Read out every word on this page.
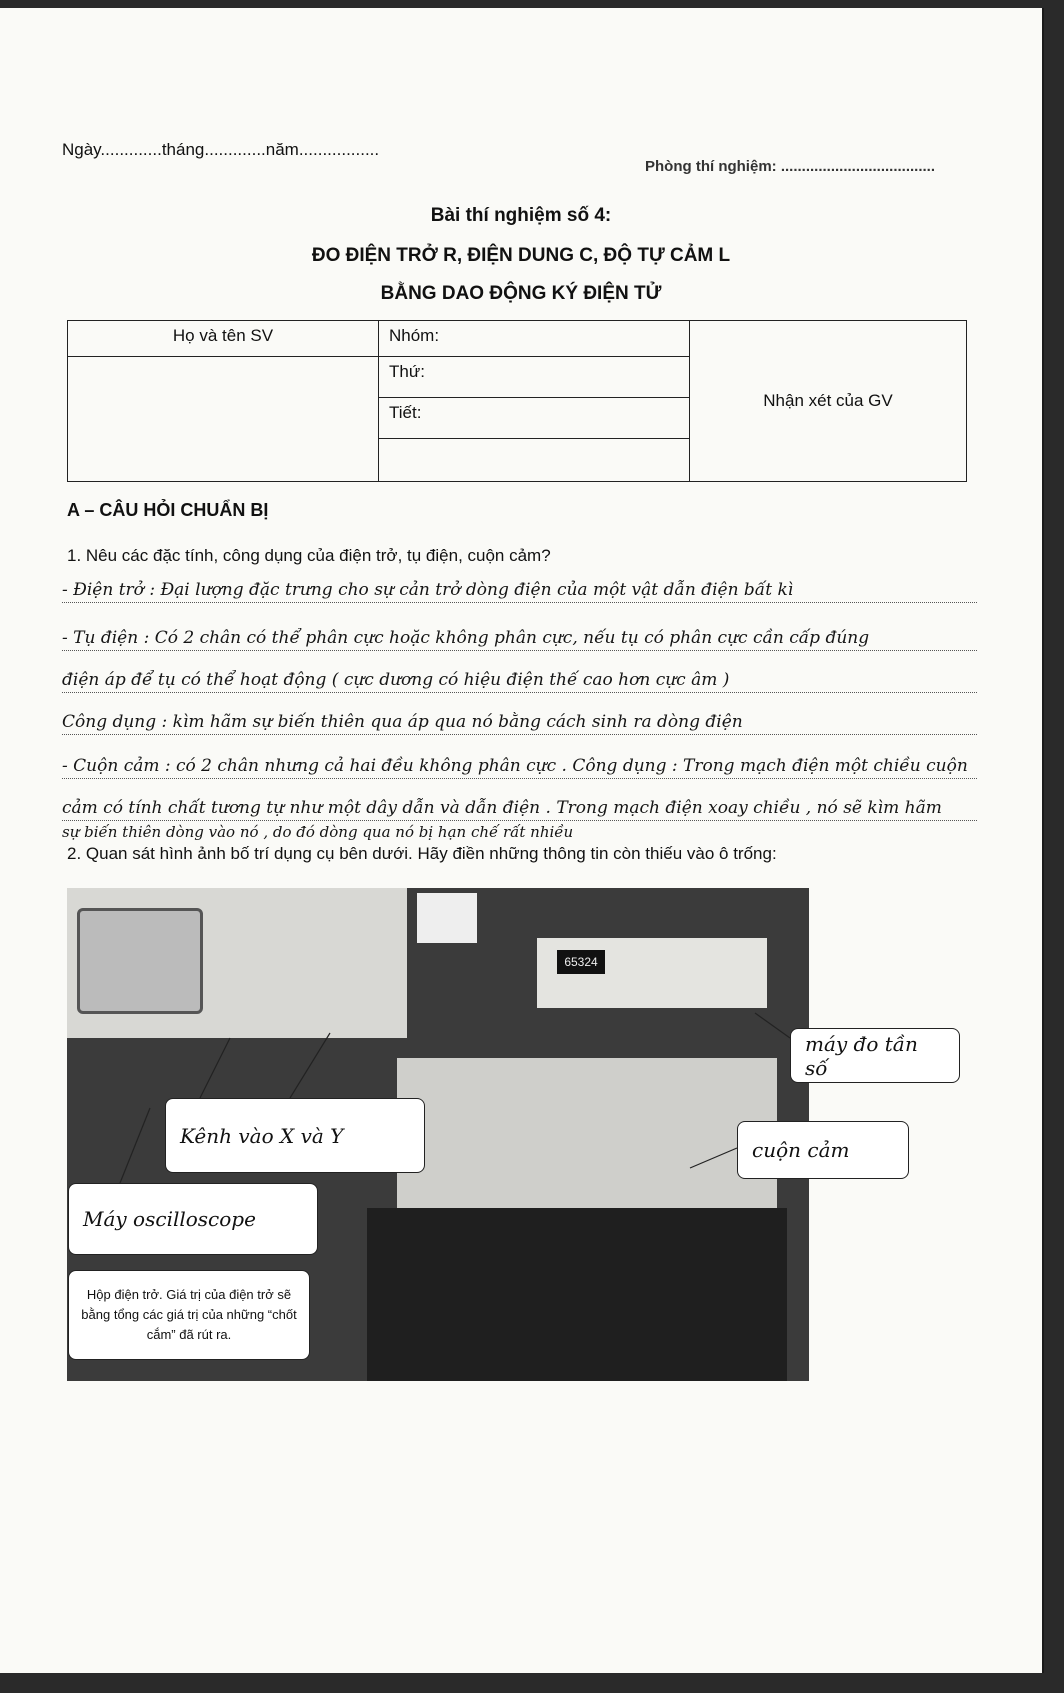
Ngày.............tháng.............năm.................
Phòng thí nghiệm: .....................................
Bài thí nghiệm số 4:
ĐO ĐIỆN TRỞ R, ĐIỆN DUNG C, ĐỘ TỰ CẢM L
BẰNG DAO ĐỘNG KÝ ĐIỆN TỬ
Họ và tên SV	Nhóm:	Nhận xét của GV
	Thứ:	
	Tiết:	

A – CÂU HỎI CHUẨN BỊ
1. Nêu các đặc tính, công dụng của điện trở, tụ điện, cuộn cảm?
- Điện trở : Đại lượng đặc trưng cho sự cản trở dòng điện của một vật dẫn điện bất kì
- Tụ điện : Có 2 chân có thể phân cực hoặc không phân cực, nếu tụ có phân cực cần cấp đúng
điện áp để tụ có thể hoạt động ( cực dương có hiệu điện thế cao hơn cực âm )
Công dụng : kìm hãm sự biến thiên qua áp qua nó bằng cách sinh ra dòng điện
- Cuộn cảm : có 2 chân nhưng cả hai đều không phân cực . Công dụng : Trong mạch điện một chiều cuộn
cảm có tính chất tương tự như một dây dẫn và dẫn điện . Trong mạch điện xoay chiều , nó sẽ kìm hãm
sự biến thiên dòng vào nó , do đó dòng qua nó bị hạn chế rất nhiều
2. Quan sát hình ảnh bố trí dụng cụ bên dưới. Hãy điền những thông tin còn thiếu vào ô trống:
65324
máy đo tần số
Kênh vào X và Y
cuộn cảm
Máy oscilloscope
Hộp điện trở. Giá trị của điện trở sẽ bằng tổng các giá trị của những “chốt cắm” đã rút ra.
